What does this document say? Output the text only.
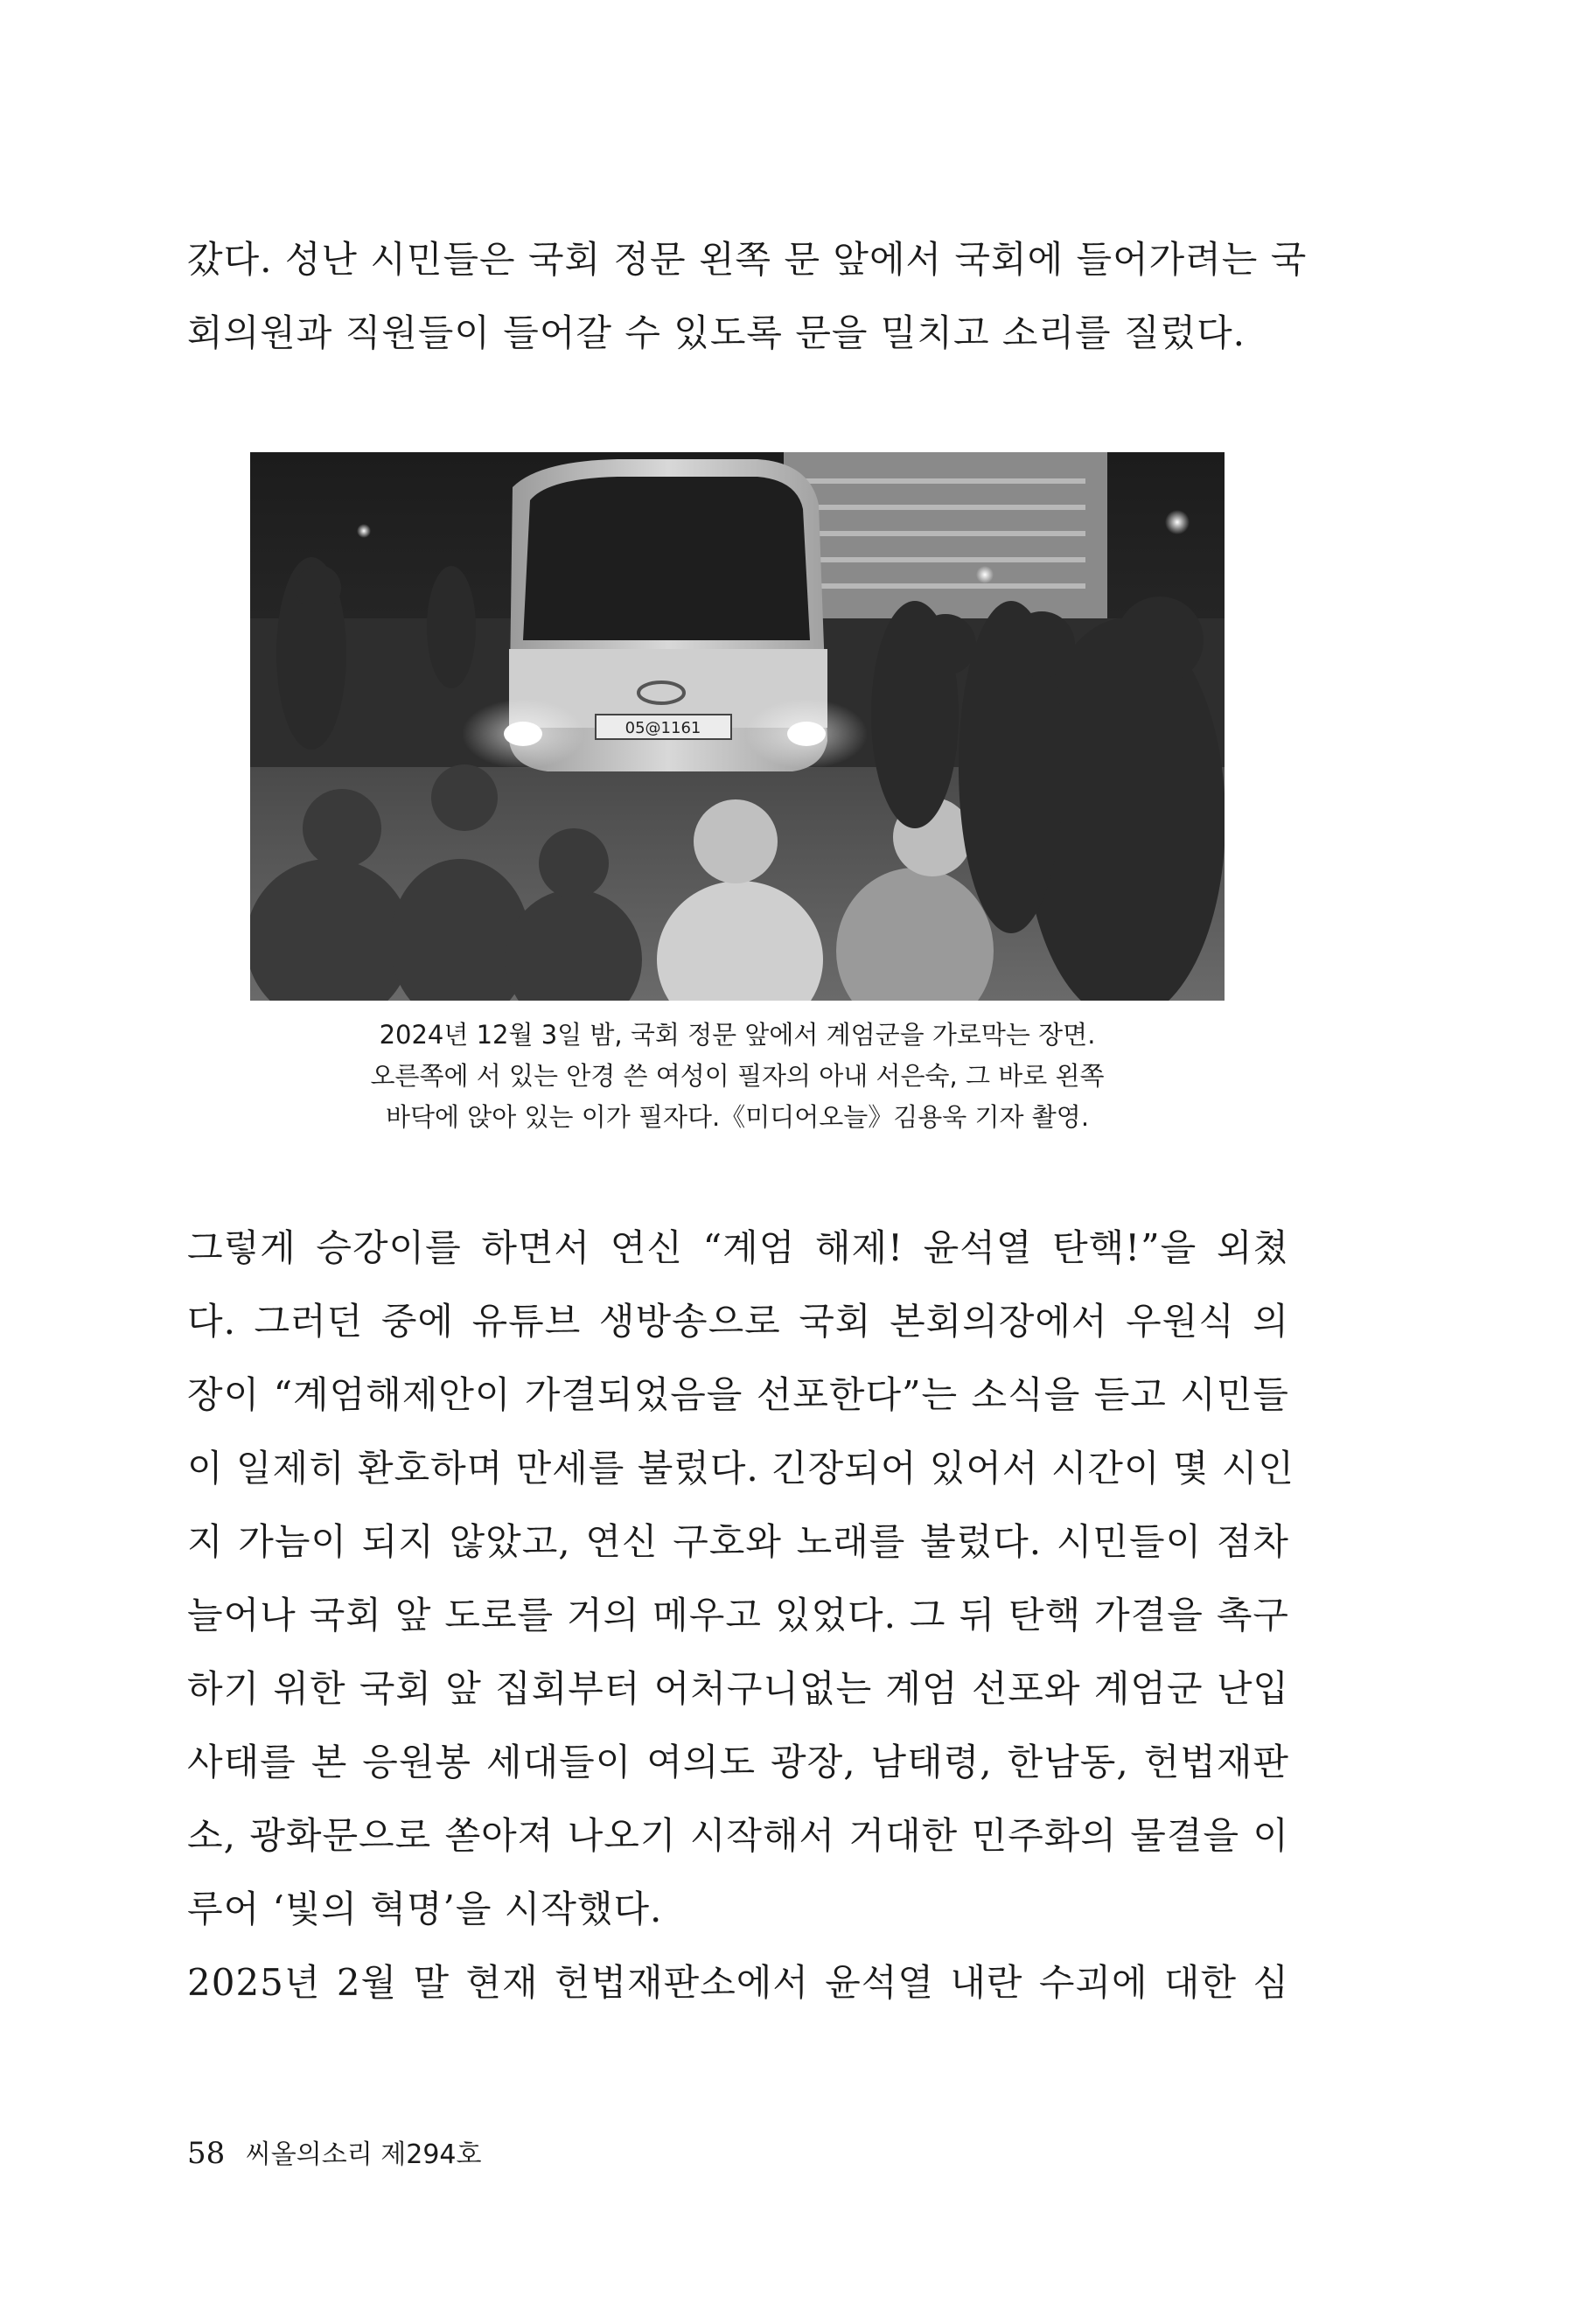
갔다. 성난 시민들은 국회 정문 왼쪽 문 앞에서 국회에 들어가려는 국
회의원과 직원들이 들어갈 수 있도록 문을 밀치고 소리를 질렀다.
05@1161
2024년 12월 3일 밤, 국회 정문 앞에서 계엄군을 가로막는 장면.
오른쪽에 서 있는 안경 쓴 여성이 필자의 아내 서은숙, 그 바로 왼쪽
바닥에 앉아 있는 이가 필자다.《미디어오늘》김용욱 기자 촬영.
그렇게 승강이를 하면서 연신 “계엄 해제! 윤석열 탄핵!”을 외쳤
다. 그러던 중에 유튜브 생방송으로 국회 본회의장에서 우원식 의
장이 “계엄해제안이 가결되었음을 선포한다”는 소식을 듣고 시민들
이 일제히 환호하며 만세를 불렀다. 긴장되어 있어서 시간이 몇 시인
지 가늠이 되지 않았고, 연신 구호와 노래를 불렀다. 시민들이 점차
늘어나 국회 앞 도로를 거의 메우고 있었다. 그 뒤 탄핵 가결을 촉구
하기 위한 국회 앞 집회부터 어처구니없는 계엄 선포와 계엄군 난입
사태를 본 응원봉 세대들이 여의도 광장, 남태령, 한남동, 헌법재판
소, 광화문으로 쏟아져 나오기 시작해서 거대한 민주화의 물결을 이
루어 ‘빛의 혁명’을 시작했다.
2025년 2월 말 현재 헌법재판소에서 윤석열 내란 수괴에 대한 심
58 씨올의소리 제294호
